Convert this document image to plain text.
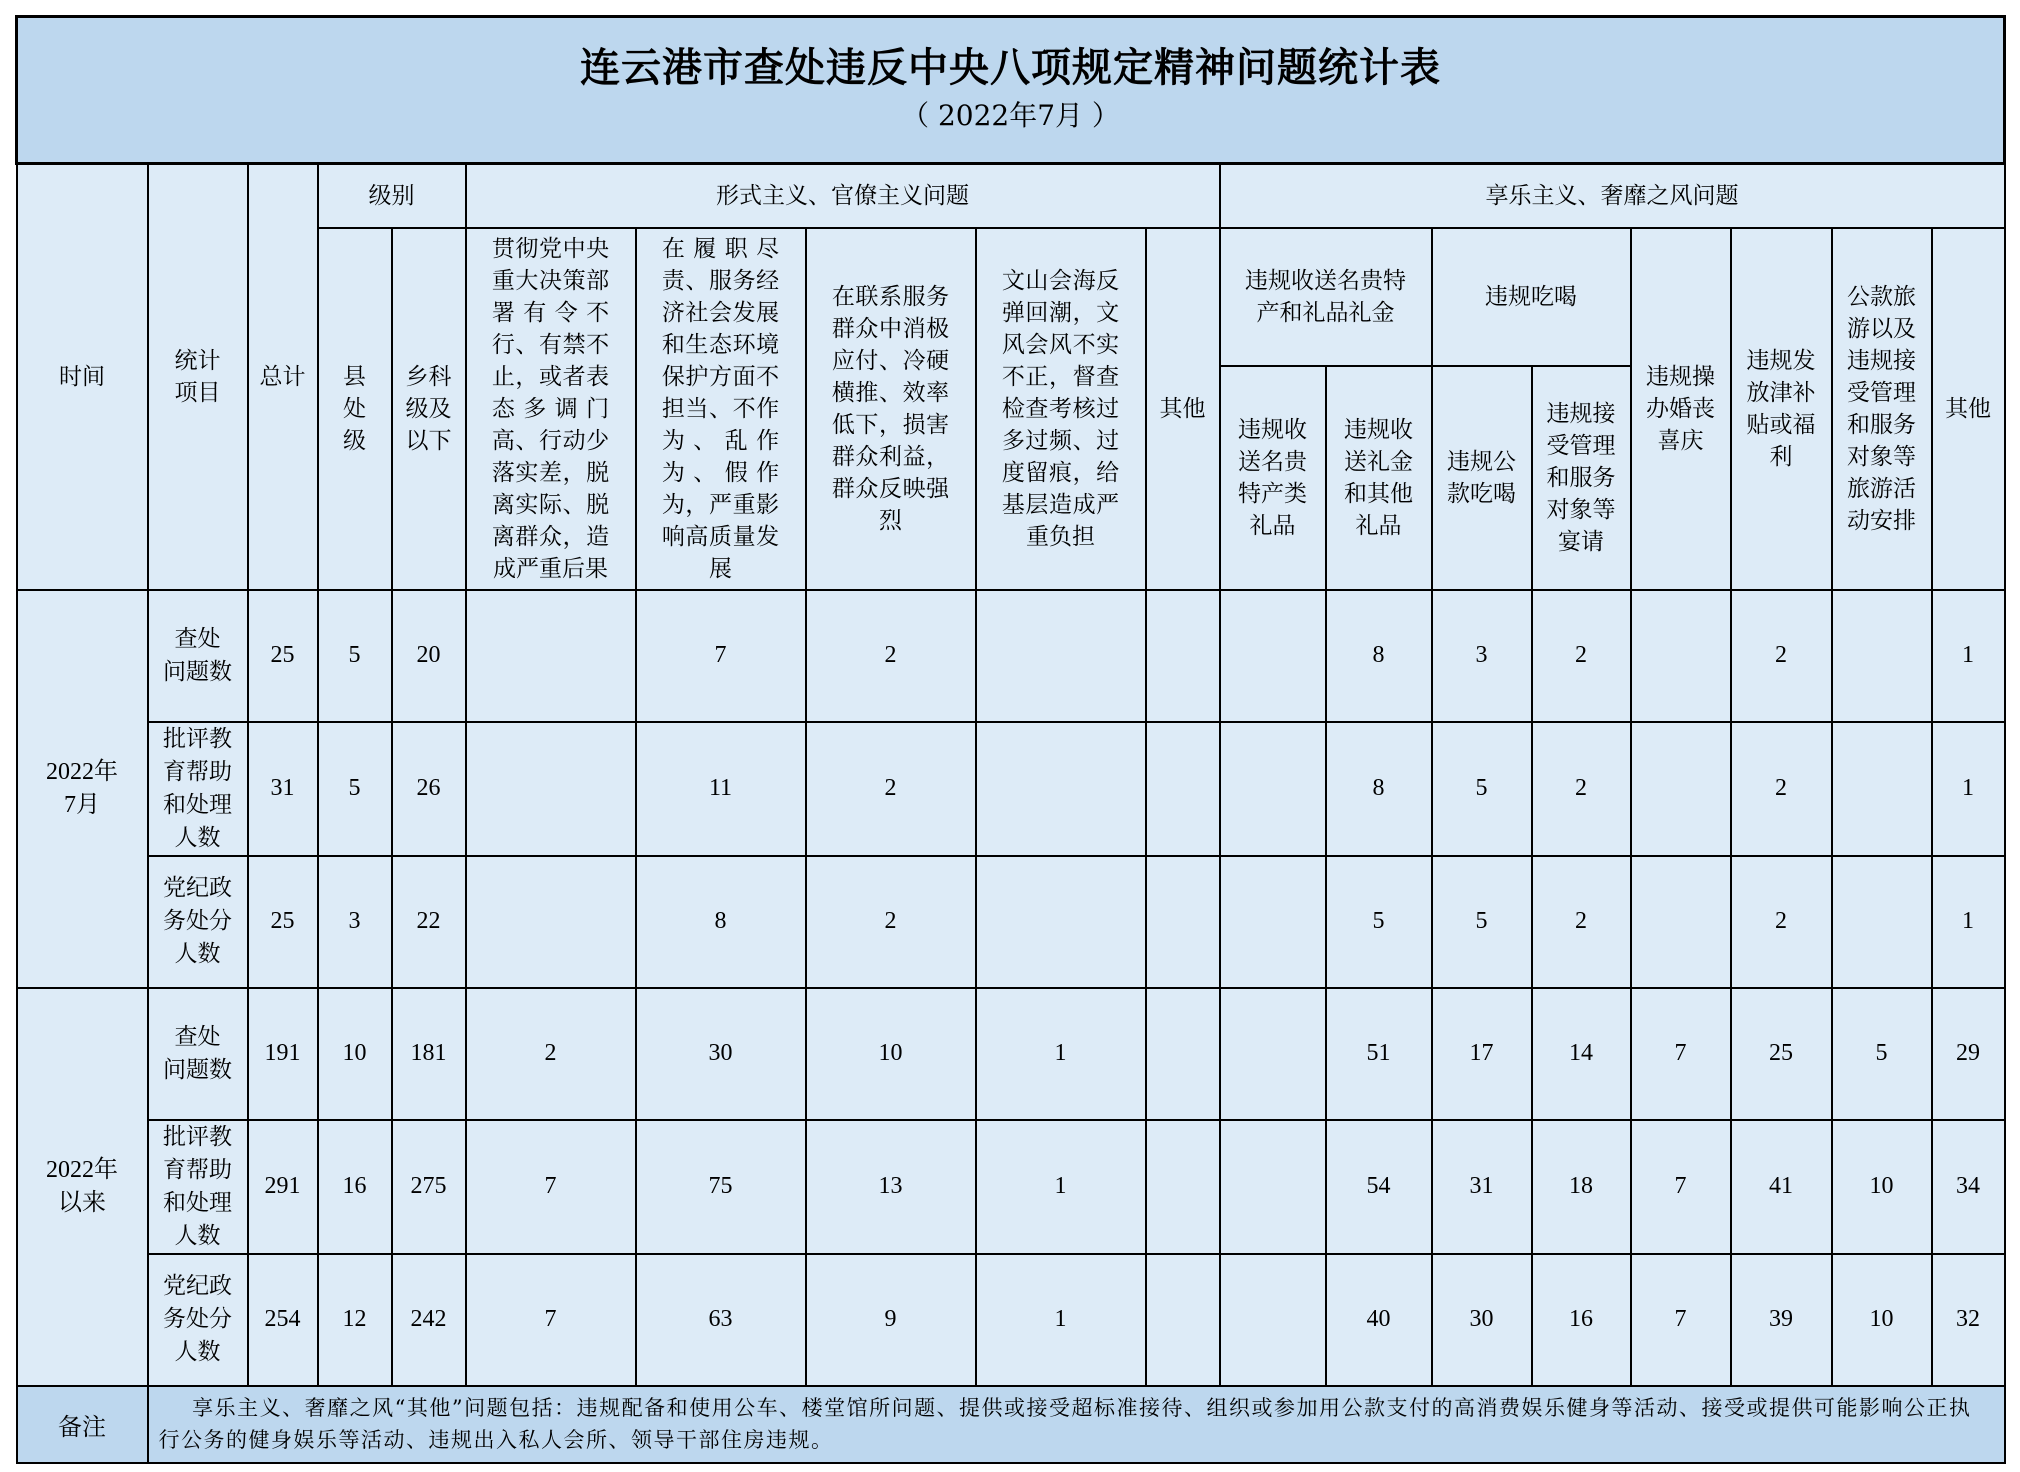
连云港市查处违反中央八项规定精神问题统计表
（ 2022年7月 ）																	

时间	统计项目	总计	级别		形式主义、官僚主义问题					享乐主义、奢靡之风问题							
			县处级	乡科级及以下	贯彻党中央重大决策部署有令不行、有禁不止，或者表态多调门高、行动少落实差，脱离实际、脱离群众，造成严重后果	在履职尽责、服务经济社会发展和生态环境保护方面不担当、不作为、乱作为、假作为，严重影响高质量发展	在联系服务群众中消极应付、冷硬横推、效率低下，损害群众利益，群众反映强烈	文山会海反弹回潮，文风会风不实不正，督查检查考核过多过频、过度留痕，给基层造成严重负担	其他	违规收送名贵特产和礼品礼金		违规吃喝		违规操办婚丧喜庆	违规发放津补贴或福利	公款旅游以及违规接受管理和服务对象等旅游活动安排	其他
										违规收送名贵特产类礼品	违规收送礼金和其他礼品	违规公款吃喝	违规接受管理和服务对象等宴请				

2022年
7月

查处
问题数
	25	5	20		7	2				8	3	2		2		1

	批评教
育帮助
和处理
人数	31	5	26		11	2				8	5	2		2		1

	党纪政
务处分
人数	25	3	22		8	2				5	5	2		2		1

2022年
以来

查处
问题数
	191	10	181	2	30	10	1			51	17	14	7	25	5	29

	批评教
育帮助
和处理
人数	291	16	275	7	75	13	1			54	31	18	7	41	10	34

	党纪政
务处分
人数	254	12	242	7	63	9	1			40	30	16	7	39	10	32
备注	享乐主义、奢靡之风“其他”问题包括：违规配备和使用公车、楼堂馆所问题、提供或接受超标准接待、组织或参加用公款支付的高消费娱乐健身等活动、接受或提供可能影响公正执行公务的健身娱乐等活动、违规出入私人会所、领导干部住房违规。																
